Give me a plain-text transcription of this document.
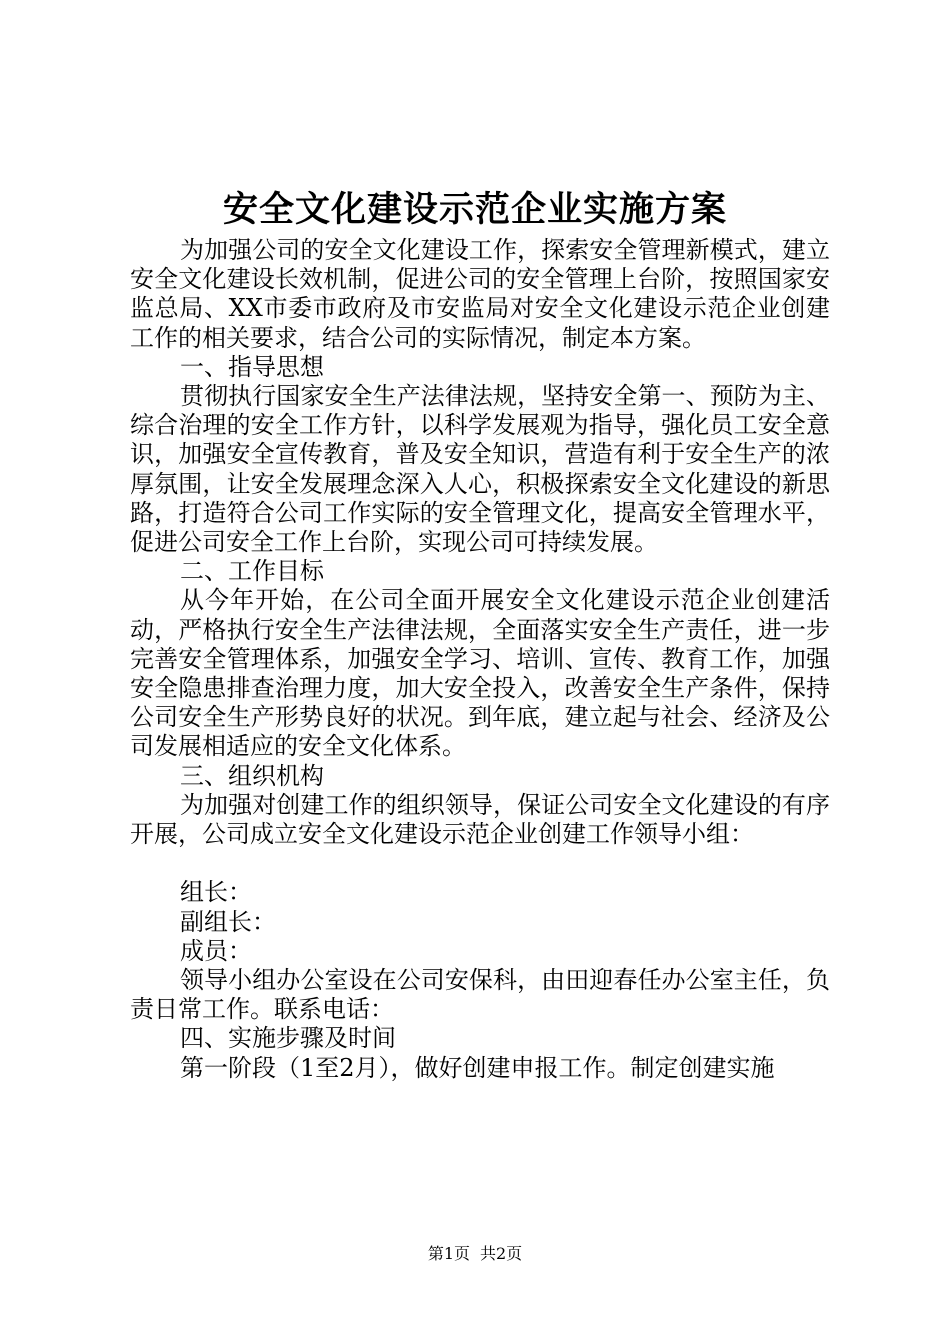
安全文化建设示范企业实施方案

为加强公司的安全文化建设工作，探索安全管理新模式，建立安全文化建设长效机制，促进公司的安全管理上台阶，按照国家安监总局、XX市委市政府及市安监局对安全文化建设示范企业创建工作的相关要求，结合公司的实际情况，制定本方案。

一、指导思想

贯彻执行国家安全生产法律法规，坚持安全第一、预防为主、综合治理的安全工作方针，以科学发展观为指导，强化员工安全意识，加强安全宣传教育，普及安全知识，营造有利于安全生产的浓厚氛围，让安全发展理念深入人心，积极探索安全文化建设的新思路，打造符合公司工作实际的安全管理文化，提高安全管理水平，促进公司安全工作上台阶，实现公司可持续发展。

二、工作目标

从今年开始，在公司全面开展安全文化建设示范企业创建活动，严格执行安全生产法律法规，全面落实安全生产责任，进一步完善安全管理体系，加强安全学习、培训、宣传、教育工作，加强安全隐患排查治理力度，加大安全投入，改善安全生产条件，保持公司安全生产形势良好的状况。到年底，建立起与社会、经济及公司发展相适应的安全文化体系。

三、组织机构

为加强对创建工作的组织领导，保证公司安全文化建设的有序开展，公司成立安全文化建设示范企业创建工作领导小组：

组长：

副组长：

成员：

领导小组办公室设在公司安保科，由田迎春任办公室主任，负责日常工作。联系电话：

四、实施步骤及时间

第一阶段（1至2月），做好创建申报工作。制定创建实施

第1页 共2页
